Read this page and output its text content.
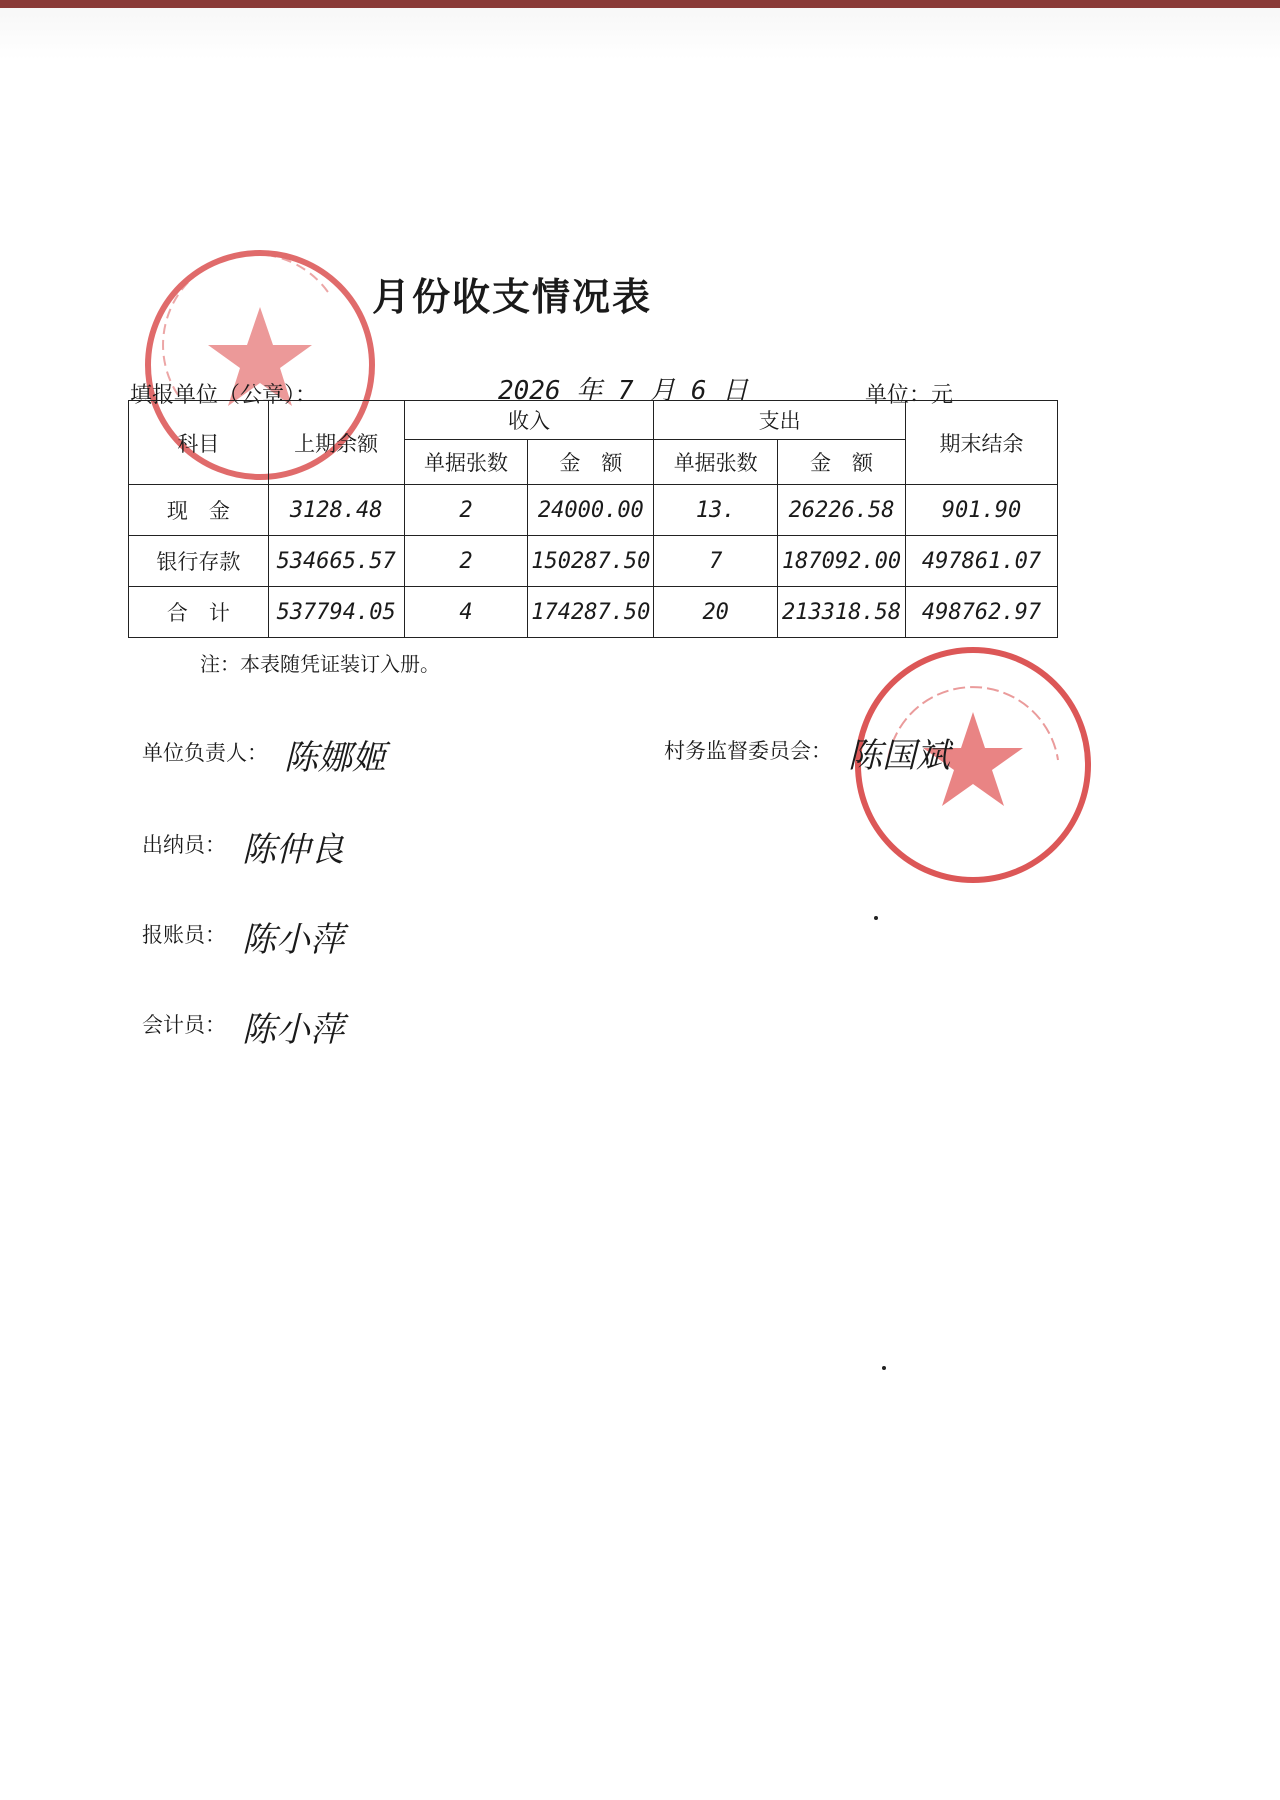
月份收支情况表
填报单位（公章）：	2026 年 7 月 6 日	单位：元
科目	上期余额	收入		支出		期末结余
		单据张数	金　额	单据张数	金　额	
现　金	3128.48	2	24000.00	13.	26226.58	901.90
银行存款	534665.57	2	150287.50	7	187092.00	497861.07
合　计	537794.05	4	174287.50	20	213318.58	498762.97
注：本表随凭证装订入册。
单位负责人： 陈娜姬	村务监督委员会： 陈国斌
出纳员： 陈仲良
报账员： 陈小萍
会计员： 陈小萍
